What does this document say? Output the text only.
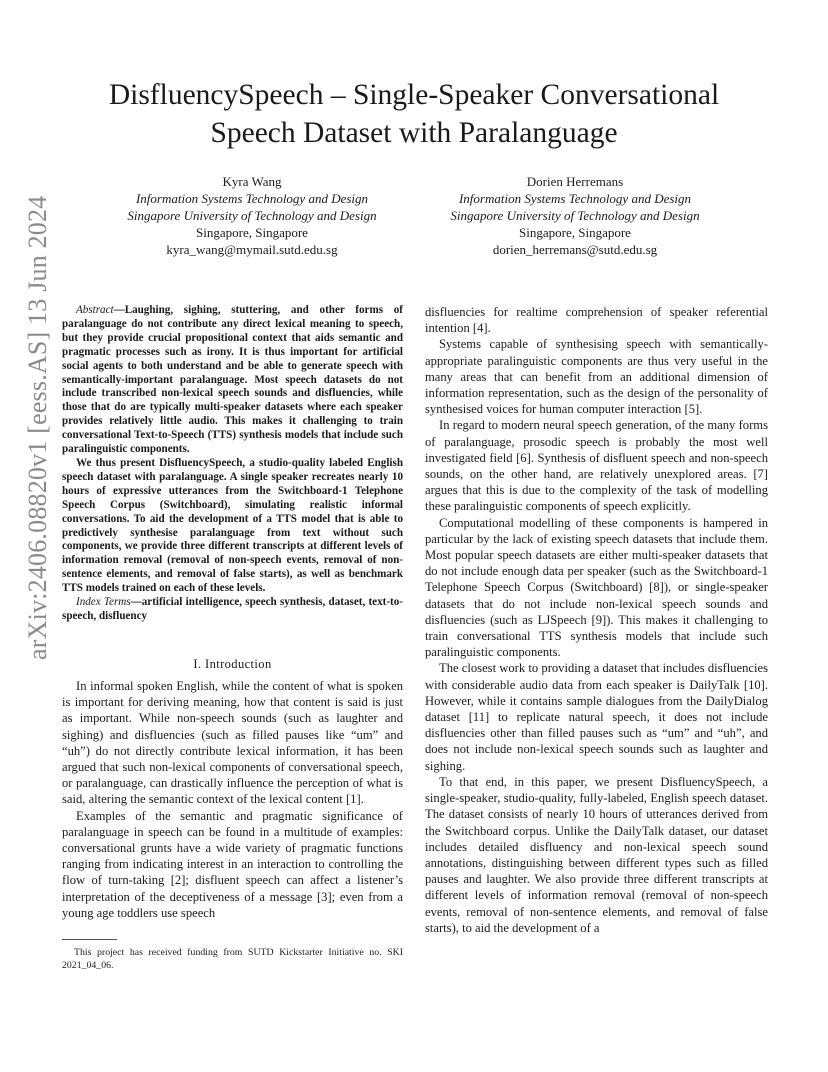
DisfluencySpeech – Single-Speaker Conversational
Speech Dataset with Paralanguage
Kyra Wang
Information Systems Technology and Design
Singapore University of Technology and Design
Singapore, Singapore
kyra_wang@mymail.sutd.edu.sg
Dorien Herremans
Information Systems Technology and Design
Singapore University of Technology and Design
Singapore, Singapore
dorien_herremans@sutd.edu.sg
arXiv:2406.08820v1 [eess.AS] 13 Jun 2024	Abstract—Laughing, sighing, stuttering, and other forms of paralanguage do not contribute any direct lexical meaning to speech, but they provide crucial propositional context that aids semantic and pragmatic processes such as irony. It is thus important for artificial social agents to both understand and be able to generate speech with semantically-important paralanguage. Most speech datasets do not include transcribed non-lexical speech sounds and disfluencies, while those that do are typically multi-speaker datasets where each speaker provides relatively little audio. This makes it challenging to train conversational Text-to-Speech (TTS) synthesis models that include such paralinguistic components.

We thus present DisfluencySpeech, a studio-quality labeled English speech dataset with paralanguage. A single speaker recreates nearly 10 hours of expressive utterances from the Switchboard-1 Telephone Speech Corpus (Switchboard), simulating realistic informal conversations. To aid the development of a TTS model that is able to predictively synthesise paralanguage from text without such components, we provide three different transcripts at different levels of information removal (removal of non-speech events, removal of non-sentence elements, and removal of false starts), as well as benchmark TTS models trained on each of these levels.

Index Terms—artificial intelligence, speech synthesis, dataset, text-to-speech, disfluency

I. Introduction

In informal spoken English, while the content of what is spoken is important for deriving meaning, how that content is said is just as important. While non-speech sounds (such as laughter and sighing) and disfluencies (such as filled pauses like “um” and “uh”) do not directly contribute lexical information, it has been argued that such non-lexical components of conversational speech, or paralanguage, can drastically influence the perception of what is said, altering the semantic context of the lexical content [1].

Examples of the semantic and pragmatic significance of paralanguage in speech can be found in a multitude of examples: conversational grunts have a wide variety of pragmatic functions ranging from indicating interest in an interaction to controlling the flow of turn-taking [2]; disfluent speech can affect a listener’s interpretation of the deceptiveness of a message [3]; even from a young age toddlers use speech

This project has received funding from SUTD Kickstarter Initiative no. SKI 2021_04_06.

disfluencies for realtime comprehension of speaker referential intention [4].

Systems capable of synthesising speech with semantically-appropriate paralinguistic components are thus very useful in the many areas that can benefit from an additional dimension of information representation, such as the design of the personality of synthesised voices for human computer interaction [5].

In regard to modern neural speech generation, of the many forms of paralanguage, prosodic speech is probably the most well investigated field [6]. Synthesis of disfluent speech and non-speech sounds, on the other hand, are relatively unexplored areas. [7] argues that this is due to the complexity of the task of modelling these paralinguistic components of speech explicitly.

Computational modelling of these components is hampered in particular by the lack of existing speech datasets that include them. Most popular speech datasets are either multi-speaker datasets that do not include enough data per speaker (such as the Switchboard-1 Telephone Speech Corpus (Switchboard) [8]), or single-speaker datasets that do not include non-lexical speech sounds and disfluencies (such as LJSpeech [9]). This makes it challenging to train conversational TTS synthesis models that include such paralinguistic components.

The closest work to providing a dataset that includes disfluencies with considerable audio data from each speaker is DailyTalk [10]. However, while it contains sample dialogues from the DailyDialog dataset [11] to replicate natural speech, it does not include disfluencies other than filled pauses such as “um” and “uh”, and does not include non-lexical speech sounds such as laughter and sighing.

To that end, in this paper, we present DisfluencySpeech, a single-speaker, studio-quality, fully-labeled, English speech dataset. The dataset consists of nearly 10 hours of utterances derived from the Switchboard corpus. Unlike the DailyTalk dataset, our dataset includes detailed disfluency and non-lexical speech sound annotations, distinguishing between different types such as filled pauses and laughter. We also provide three different transcripts at different levels of information removal (removal of non-speech events, removal of non-sentence elements, and removal of false starts), to aid the development of a
